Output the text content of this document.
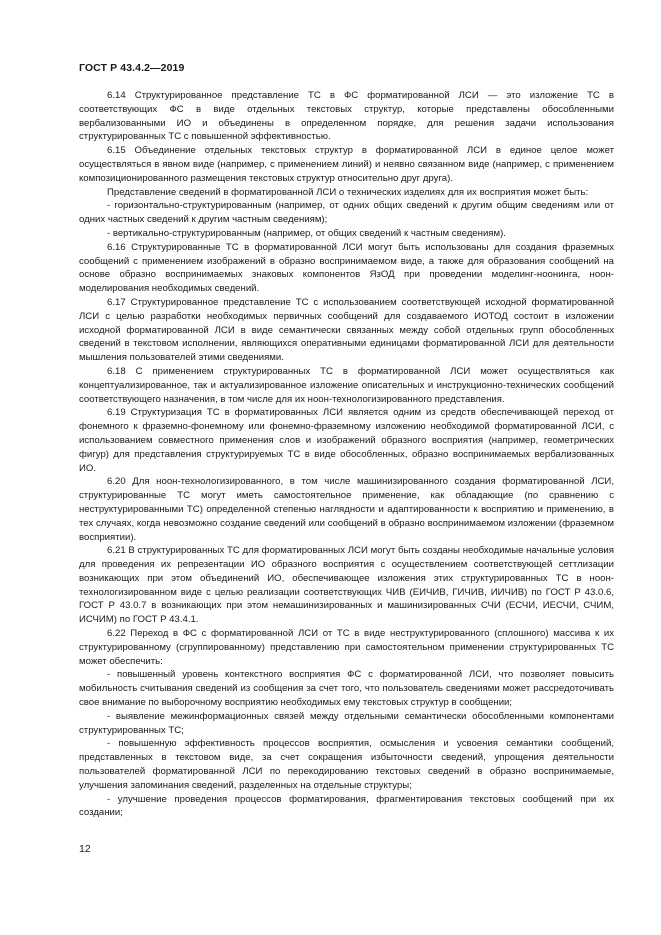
ГОСТ Р 43.4.2—2019

6.14 Структурированное представление ТС в ФС форматированной ЛСИ — это изложение ТС в соответствующих ФС в виде отдельных текстовых структур, которые представлены обособленными вербализованными ИО и объединены в определенном порядке, для решения задачи использования структурированных ТС с повышенной эффективностью.

6.15 Объединение отдельных текстовых структур в форматированной ЛСИ в единое целое может осуществляться в явном виде (например, с применением линий) и неявно связанном виде (например, с применением композиционированного размещения текстовых структур относительно друг друга).

Представление сведений в форматированной ЛСИ о технических изделиях для их восприятия может быть:

- горизонтально-структурированным (например, от одних общих сведений к другим общим сведениям или от одних частных сведений к другим частным сведениям);

- вертикально-структурированным (например, от общих сведений к частным сведениям).

6.16 Структурированные ТС в форматированной ЛСИ могут быть использованы для создания фраземных сообщений с применением изображений в образно воспринимаемом виде, а также для образования сообщений на основе образно воспринимаемых знаковых компонентов ЯзОД при проведении моделинг-ноонинга, ноон-моделирования необходимых сведений.

6.17 Структурированное представление ТС с использованием соответствующей исходной форматированной ЛСИ с целью разработки необходимых первичных сообщений для создаваемого ИОТОД состоит в изложении исходной форматированной ЛСИ в виде семантически связанных между собой отдельных групп обособленных сведений в текстовом исполнении, являющихся оперативными единицами форматированной ЛСИ для деятельности мышления пользователей этими сведениями.

6.18 С применением структурированных ТС в форматированной ЛСИ может осуществляться как концептуализированное, так и актуализированное изложение описательных и инструкционно-технических сообщений соответствующего назначения, в том числе для их ноон-технологизированного представления.

6.19 Структуризация ТС в форматированных ЛСИ является одним из средств обеспечивающей переход от фонемного к фраземно-фонемному или фонемно-фраземному изложению необходимой форматированной ЛСИ, с использованием совместного применения слов и изображений образного восприятия (например, геометрических фигур) для представления структурируемых ТС в виде обособленных, образно воспринимаемых вербализованных ИО.

6.20 Для ноон-технологизированного, в том числе машинизированного создания форматированной ЛСИ, структурированные ТС могут иметь самостоятельное применение, как обладающие (по сравнению с неструктурированными ТС) определенной степенью наглядности и адаптированности к восприятию и применению, в тех случаях, когда невозможно создание сведений или сообщений в образно воспринимаемом изложении (фраземном восприятии).

6.21 В структурированных ТС для форматированных ЛСИ могут быть созданы необходимые начальные условия для проведения их репрезентации ИО образного восприятия с осуществлением соответствующей сеттлизации возникающих при этом объединений ИО, обеспечивающее изложения этих структурированных ТС в ноон-технологизированном виде с целью реализации соответствующих ЧИВ (ЕИЧИВ, ГИЧИВ, ИИЧИВ) по ГОСТ Р 43.0.6, ГОСТ Р 43.0.7 в возникающих при этом немашинизированных и машинизированных СЧИ (ЕСЧИ, ИЕСЧИ, СЧИМ, ИСЧИМ) по ГОСТ Р 43.4.1.

6.22 Переход в ФС с форматированной ЛСИ от ТС в виде неструктурированного (сплошного) массива к их структурированному (сгруппированному) представлению при самостоятельном применении структурированных ТС может обеспечить:

- повышенный уровень контекстного восприятия ФС с форматированной ЛСИ, что позволяет повысить мобильность считывания сведений из сообщения за счет того, что пользователь сведениями может рассредоточивать свое внимание по выборочному восприятию необходимых ему текстовых структур в сообщении;

- выявление межинформационных связей между отдельными семантически обособленными компонентами структурированных ТС;

- повышенную эффективность процессов восприятия, осмысления и усвоения семантики сообщений, представленных в текстовом виде, за счет сокращения избыточности сведений, упрощения деятельности пользователей форматированной ЛСИ по перекодированию текстовых сведений в образно воспринимаемые, улучшения запоминания сведений, разделенных на отдельные структуры;

- улучшение проведения процессов форматирования, фрагментирования текстовых сообщений при их создании;

12
